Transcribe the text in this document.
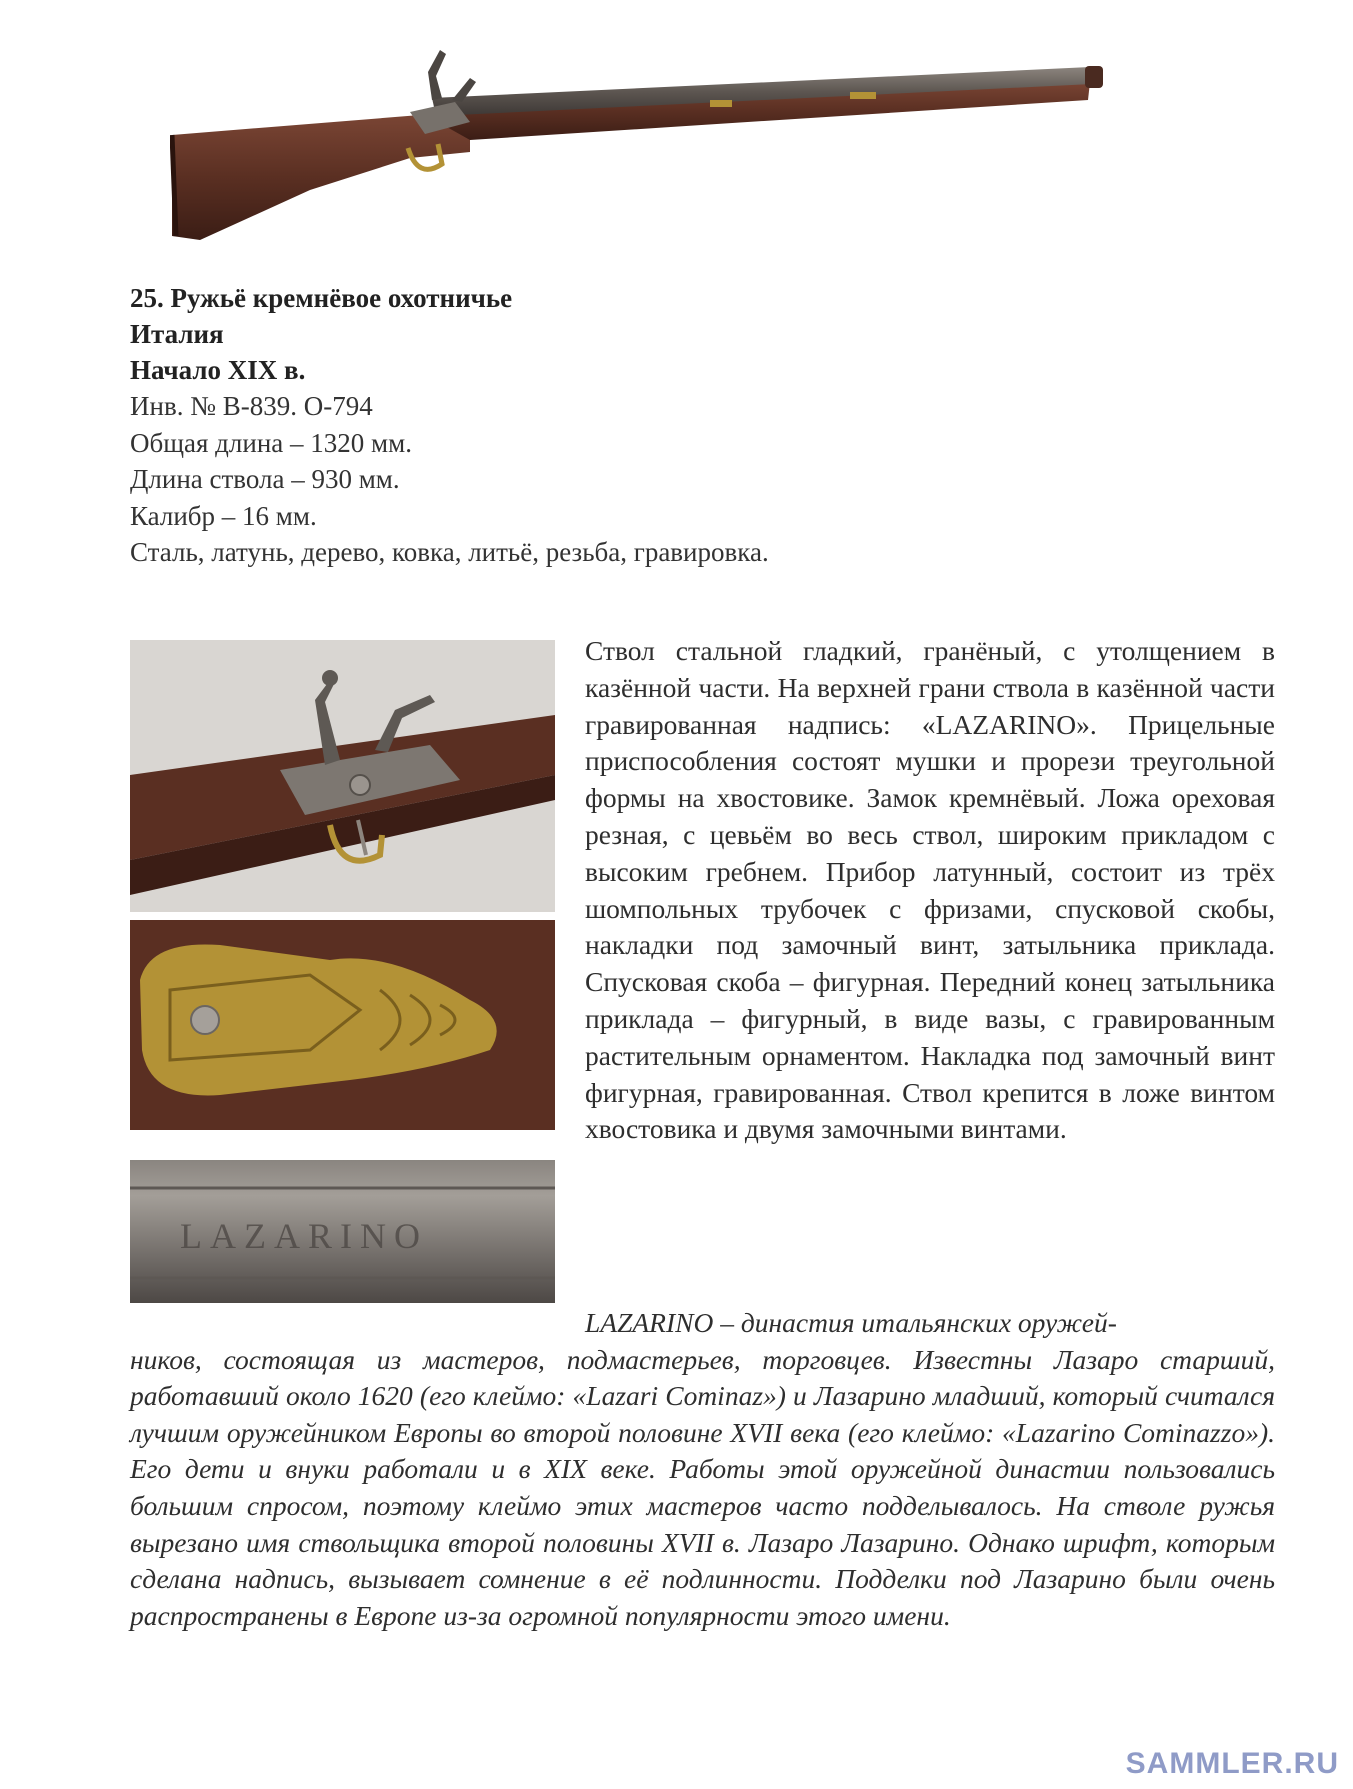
25. Ружьё кремнёвое охотничье
Италия
Начало XIX в.
Инв. № В-839. О-794
Общая длина – 1320 мм.
Длина ствола – 930 мм.
Калибр – 16 мм.
Сталь, латунь, дерево, ковка, литьё, резьба, гравировка.
LAZARINO
Ствол стальной гладкий, гранёный, с утолщением в казённой части. На верхней грани ствола в казённой части гравированная надпись: «LAZARINO». Прицельные приспособления состоят мушки и прорези треугольной формы на хвостовике. Замок кремнёвый. Ложа ореховая резная, с цевьём во весь ствол, широким прикладом с высоким гребнем. Прибор латунный, состоит из трёх шомпольных трубочек с фризами, спусковой скобы, накладки под замочный винт, затыльника приклада. Спусковая скоба – фигурная. Передний конец затыльника приклада – фигурный, в виде вазы, с гравированным растительным орнаментом. Накладка под замочный винт фигурная, гравированная. Ствол крепится в ложе винтом хвостовика и двумя замочными винтами.
LAZARINO – династия итальянских оружей-
ников, состоящая из мастеров, подмастерьев, торговцев. Известны Лазаро старший, работавший около 1620 (его клеймо: «Lazari Cominaz») и Лазарино младший, который считался лучшим оружейником Европы во второй половине XVII века (его клеймо: «Lazarino Cominazzo»). Его дети и внуки работали и в XIX веке. Работы этой оружейной династии пользовались большим спросом, поэтому клеймо этих мастеров часто подделывалось. На стволе ружья вырезано имя ствольщика второй половины XVII в. Лазаро Лазарино. Однако шрифт, которым сделана надпись, вызывает сомнение в её подлинности. Подделки под Лазарино были очень распространены в Европе из-за огромной популярности этого имени.
SAMMLER.RU
